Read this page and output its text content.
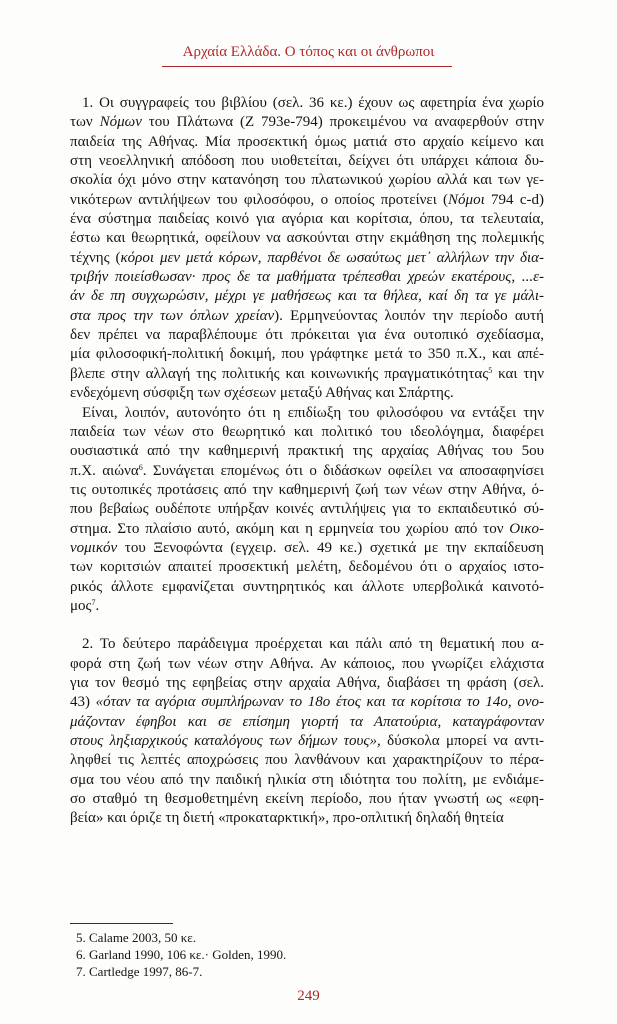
Αρχαία Ελλάδα. Ο τόπος και οι άνθρωποι
1. Οι συγγραφείς του βιβλίου (σελ. 36 κε.) έχουν ως αφετηρία ένα χωρίο
των Νόμων του Πλάτωνα (Ζ 793e-794) προκειμένου να αναφερθούν στην
παιδεία της Αθήνας. Μία προσεκτική όμως ματιά στο αρχαίο κείμενο και
στη νεοελληνική απόδοση που υιοθετείται, δείχνει ότι υπάρχει κάποια δυ-
σκολία όχι μόνο στην κατανόηση του πλατωνικού χωρίου αλλά και των γε-
νικότερων αντιλήψεων του φιλοσόφου, ο οποίος προτείνει (Νόμοι 794 c-d)
ένα σύστημα παιδείας κοινό για αγόρια και κορίτσια, όπου, τα τελευταία,
έστω και θεωρητικά, οφείλουν να ασκούνται στην εκμάθηση της πολεμικής
τέχνης (κόροι μεν μετά κόρων, παρθένοι δε ωσαύτως μετ᾽ αλλήλων την δια-
τριβήν ποιείσθωσαν· προς δε τα μαθήματα τρέπεσθαι χρεών εκατέρους, ...ε-
άν δε πη συγχωρώσιν, μέχρι γε μαθήσεως και τα θήλεα, καί δη τα γε μάλι-
στα προς την των όπλων χρείαν). Ερμηνεύοντας λοιπόν την περίοδο αυτή
δεν πρέπει να παραβλέπουμε ότι πρόκειται για ένα ουτοπικό σχεδίασμα,
μία φιλοσοφική-πολιτική δοκιμή, που γράφτηκε μετά το 350 π.Χ., και απέ-
βλεπε στην αλλαγή της πολιτικής και κοινωνικής πραγματικότητας$^5$ και την
ενδεχόμενη σύσφιξη των σχέσεων μεταξύ Αθήνας και Σπάρτης.
Είναι, λοιπόν, αυτονόητο ότι η επιδίωξη του φιλοσόφου να εντάξει την
παιδεία των νέων στο θεωρητικό και πολιτικό του ιδεολόγημα, διαφέρει
ουσιαστικά από την καθημερινή πρακτική της αρχαίας Αθήνας του 5ου
π.Χ. αιώνα$^6$. Συνάγεται επομένως ότι ο διδάσκων οφείλει να αποσαφηνίσει
τις ουτοπικές προτάσεις από την καθημερινή ζωή των νέων στην Αθήνα, ό-
που βεβαίως ουδέποτε υπήρξαν κοινές αντιλήψεις για το εκπαιδευτικό σύ-
στημα. Στο πλαίσιο αυτό, ακόμη και η ερμηνεία του χωρίου από τον Οικο-
νομικόν του Ξενοφώντα (εγχειρ. σελ. 49 κε.) σχετικά με την εκπαίδευση
των κοριτσιών απαιτεί προσεκτική μελέτη, δεδομένου ότι ο αρχαίος ιστο-
ρικός άλλοτε εμφανίζεται συντηρητικός και άλλοτε υπερβολικά καινοτό-
μος$^7$.
2. Το δεύτερο παράδειγμα προέρχεται και πάλι από τη θεματική που α-
φορά στη ζωή των νέων στην Αθήνα. Αν κάποιος, που γνωρίζει ελάχιστα
για τον θεσμό της εφηβείας στην αρχαία Αθήνα, διαβάσει τη φράση (σελ.
43) «όταν τα αγόρια συμπλήρωναν το 18ο έτος και τα κορίτσια το 14ο, ονο-
μάζονταν έφηβοι και σε επίσημη γιορτή τα Απατούρια, καταγράφονταν
στους ληξιαρχικούς καταλόγους των δήμων τους», δύσκολα μπορεί να αντι-
ληφθεί τις λεπτές αποχρώσεις που λανθάνουν και χαρακτηρίζουν το πέρα-
σμα του νέου από την παιδική ηλικία στη ιδιότητα του πολίτη, με ενδιάμε-
σο σταθμό τη θεσμοθετημένη εκείνη περίοδο, που ήταν γνωστή ως «εφη-
βεία» και όριζε τη διετή «προκαταρκτική», προ-οπλιτική δηλαδή θητεία
5. Calame 2003, 50 κε.
6. Garland 1990, 106 κε.· Golden, 1990.
7. Cartledge 1997, 86-7.
249
